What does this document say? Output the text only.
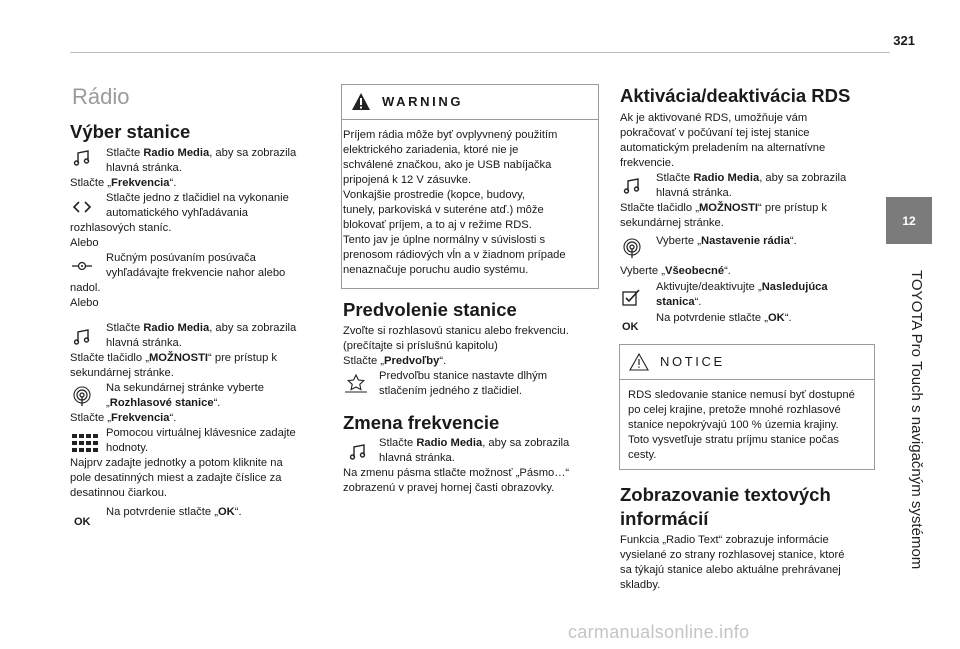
321
12
TOYOTA Pro Touch s navigačným systémom
Rádio
Výber stanice
Stlačte Radio Media, aby sa zobrazila
hlavná stránka.
Stlačte „Frekvencia“.
Stlačte jedno z tlačidiel na vykonanie
automatického vyhľadávania
rozhlasových staníc.
Alebo
Ručným posúvaním posúvača
vyhľadávajte frekvencie nahor alebo
nadol.
Alebo
Stlačte Radio Media, aby sa zobrazila
hlavná stránka.
Stlačte tlačidlo „MOŽNOSTI“ pre prístup k
sekundárnej stránke.
Na sekundárnej stránke vyberte
„Rozhlasové stanice“.
Stlačte „Frekvencia“.
Pomocou virtuálnej klávesnice zadajte
hodnoty.
Najprv zadajte jednotky a potom kliknite na
pole desatinných miest a zadajte číslice za
desatinnou čiarkou.
OK
Na potvrdenie stlačte „OK“.
WARNING
Príjem rádia môže byť ovplyvnený použitím
elektrického zariadenia, ktoré nie je
schválené značkou, ako je USB nabíjačka
pripojená k 12 V zásuvke.
Vonkajšie prostredie (kopce, budovy,
tunely, parkoviská v suteréne atď.) môže
blokovať príjem, a to aj v režime RDS.
Tento jav je úplne normálny v súvislosti s
prenosom rádiových vĺn a v žiadnom prípade
nenaznačuje poruchu audio systému.
Predvolenie stanice
Zvoľte si rozhlasovú stanicu alebo frekvenciu.
(prečítajte si príslušnú kapitolu)
Stlačte „Predvoľby“.
Predvoľbu stanice nastavte dlhým
stlačením jedného z tlačidiel.
Zmena frekvencie
Stlačte Radio Media, aby sa zobrazila
hlavná stránka.
Na zmenu pásma stlačte možnosť „Pásmo…“
zobrazenú v pravej hornej časti obrazovky.
NOTICE
Aktivácia/deaktivácia RDS
Ak je aktivované RDS, umožňuje vám
pokračovať v počúvaní tej istej stanice
automatickým preladením na alternatívne
frekvencie.
Stlačte Radio Media, aby sa zobrazila
hlavná stránka.
Stlačte tlačidlo „MOŽNOSTI“ pre prístup k
sekundárnej stránke.
Vyberte „Nastavenie rádia“.
Vyberte „Všeobecné“.
Aktivujte/deaktivujte „Nasledujúca
stanica“.
OK
Na potvrdenie stlačte „OK“.
RDS sledovanie stanice nemusí byť dostupné
po celej krajine, pretože mnohé rozhlasové
stanice nepokrývajú 100 % územia krajiny.
Toto vysvetľuje stratu príjmu stanice počas
cesty.
Zobrazovanie textových
informácií
Funkcia „Radio Text“ zobrazuje informácie
vysielané zo strany rozhlasovej stanice, ktoré
sa týkajú stanice alebo aktuálne prehrávanej
skladby.
carmanualsonline.info
